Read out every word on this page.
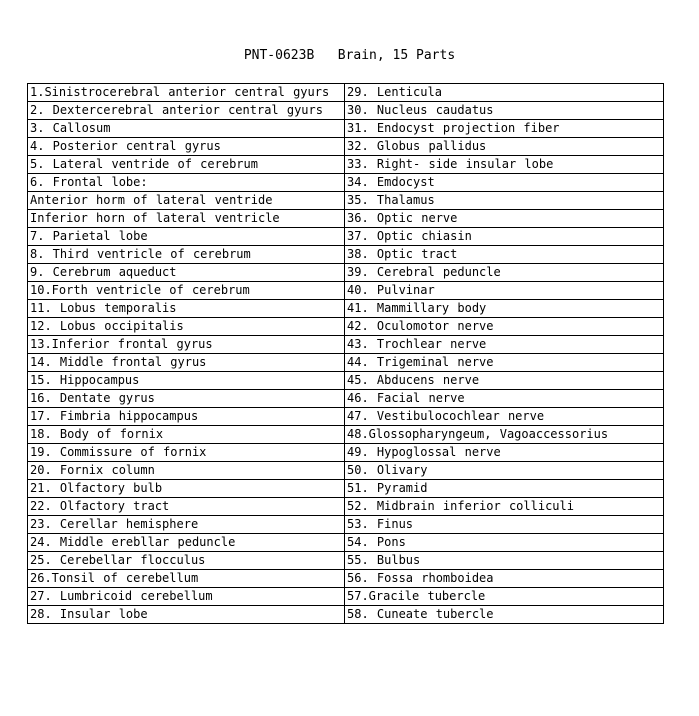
PNT-0623B   Brain, 15 Parts
1.Sinistrocerebral anterior central gyurs	29. Lenticula
2. Dextercerebral anterior central gyurs	30. Nucleus caudatus
3. Callosum	31. Endocyst projection fiber
4. Posterior central gyrus	32. Globus pallidus
5. Lateral ventride of cerebrum	33. Right- side insular lobe
6. Frontal lobe:	34. Emdocyst
Anterior horm of lateral ventride	35. Thalamus
Inferior horn of lateral ventricle	36. Optic nerve
7. Parietal lobe	37. Optic chiasin
8. Third ventricle of cerebrum	38. Optic tract
9. Cerebrum aqueduct	39. Cerebral peduncle
10.Forth ventricle of cerebrum	40. Pulvinar
11. Lobus temporalis	41. Mammillary body
12. Lobus occipitalis	42. Oculomotor nerve
13.Inferior frontal gyrus	43. Trochlear nerve
14. Middle frontal gyrus	44. Trigeminal nerve
15. Hippocampus	45. Abducens nerve
16. Dentate gyrus	46. Facial nerve
17. Fimbria hippocampus	47. Vestibulocochlear nerve
18. Body of fornix	48.Glossopharyngeum, Vagoaccessorius
19. Commissure of fornix	49. Hypoglossal nerve
20. Fornix column	50. Olivary
21. Olfactory bulb	51. Pyramid
22. Olfactory tract	52. Midbrain inferior colliculi
23. Cerellar hemisphere	53. Finus
24. Middle erebllar peduncle	54. Pons
25. Cerebellar flocculus	55. Bulbus
26.Tonsil of cerebellum	56. Fossa rhomboidea
27. Lumbricoid cerebellum	57.Gracile tubercle
28. Insular lobe	58. Cuneate tubercle
